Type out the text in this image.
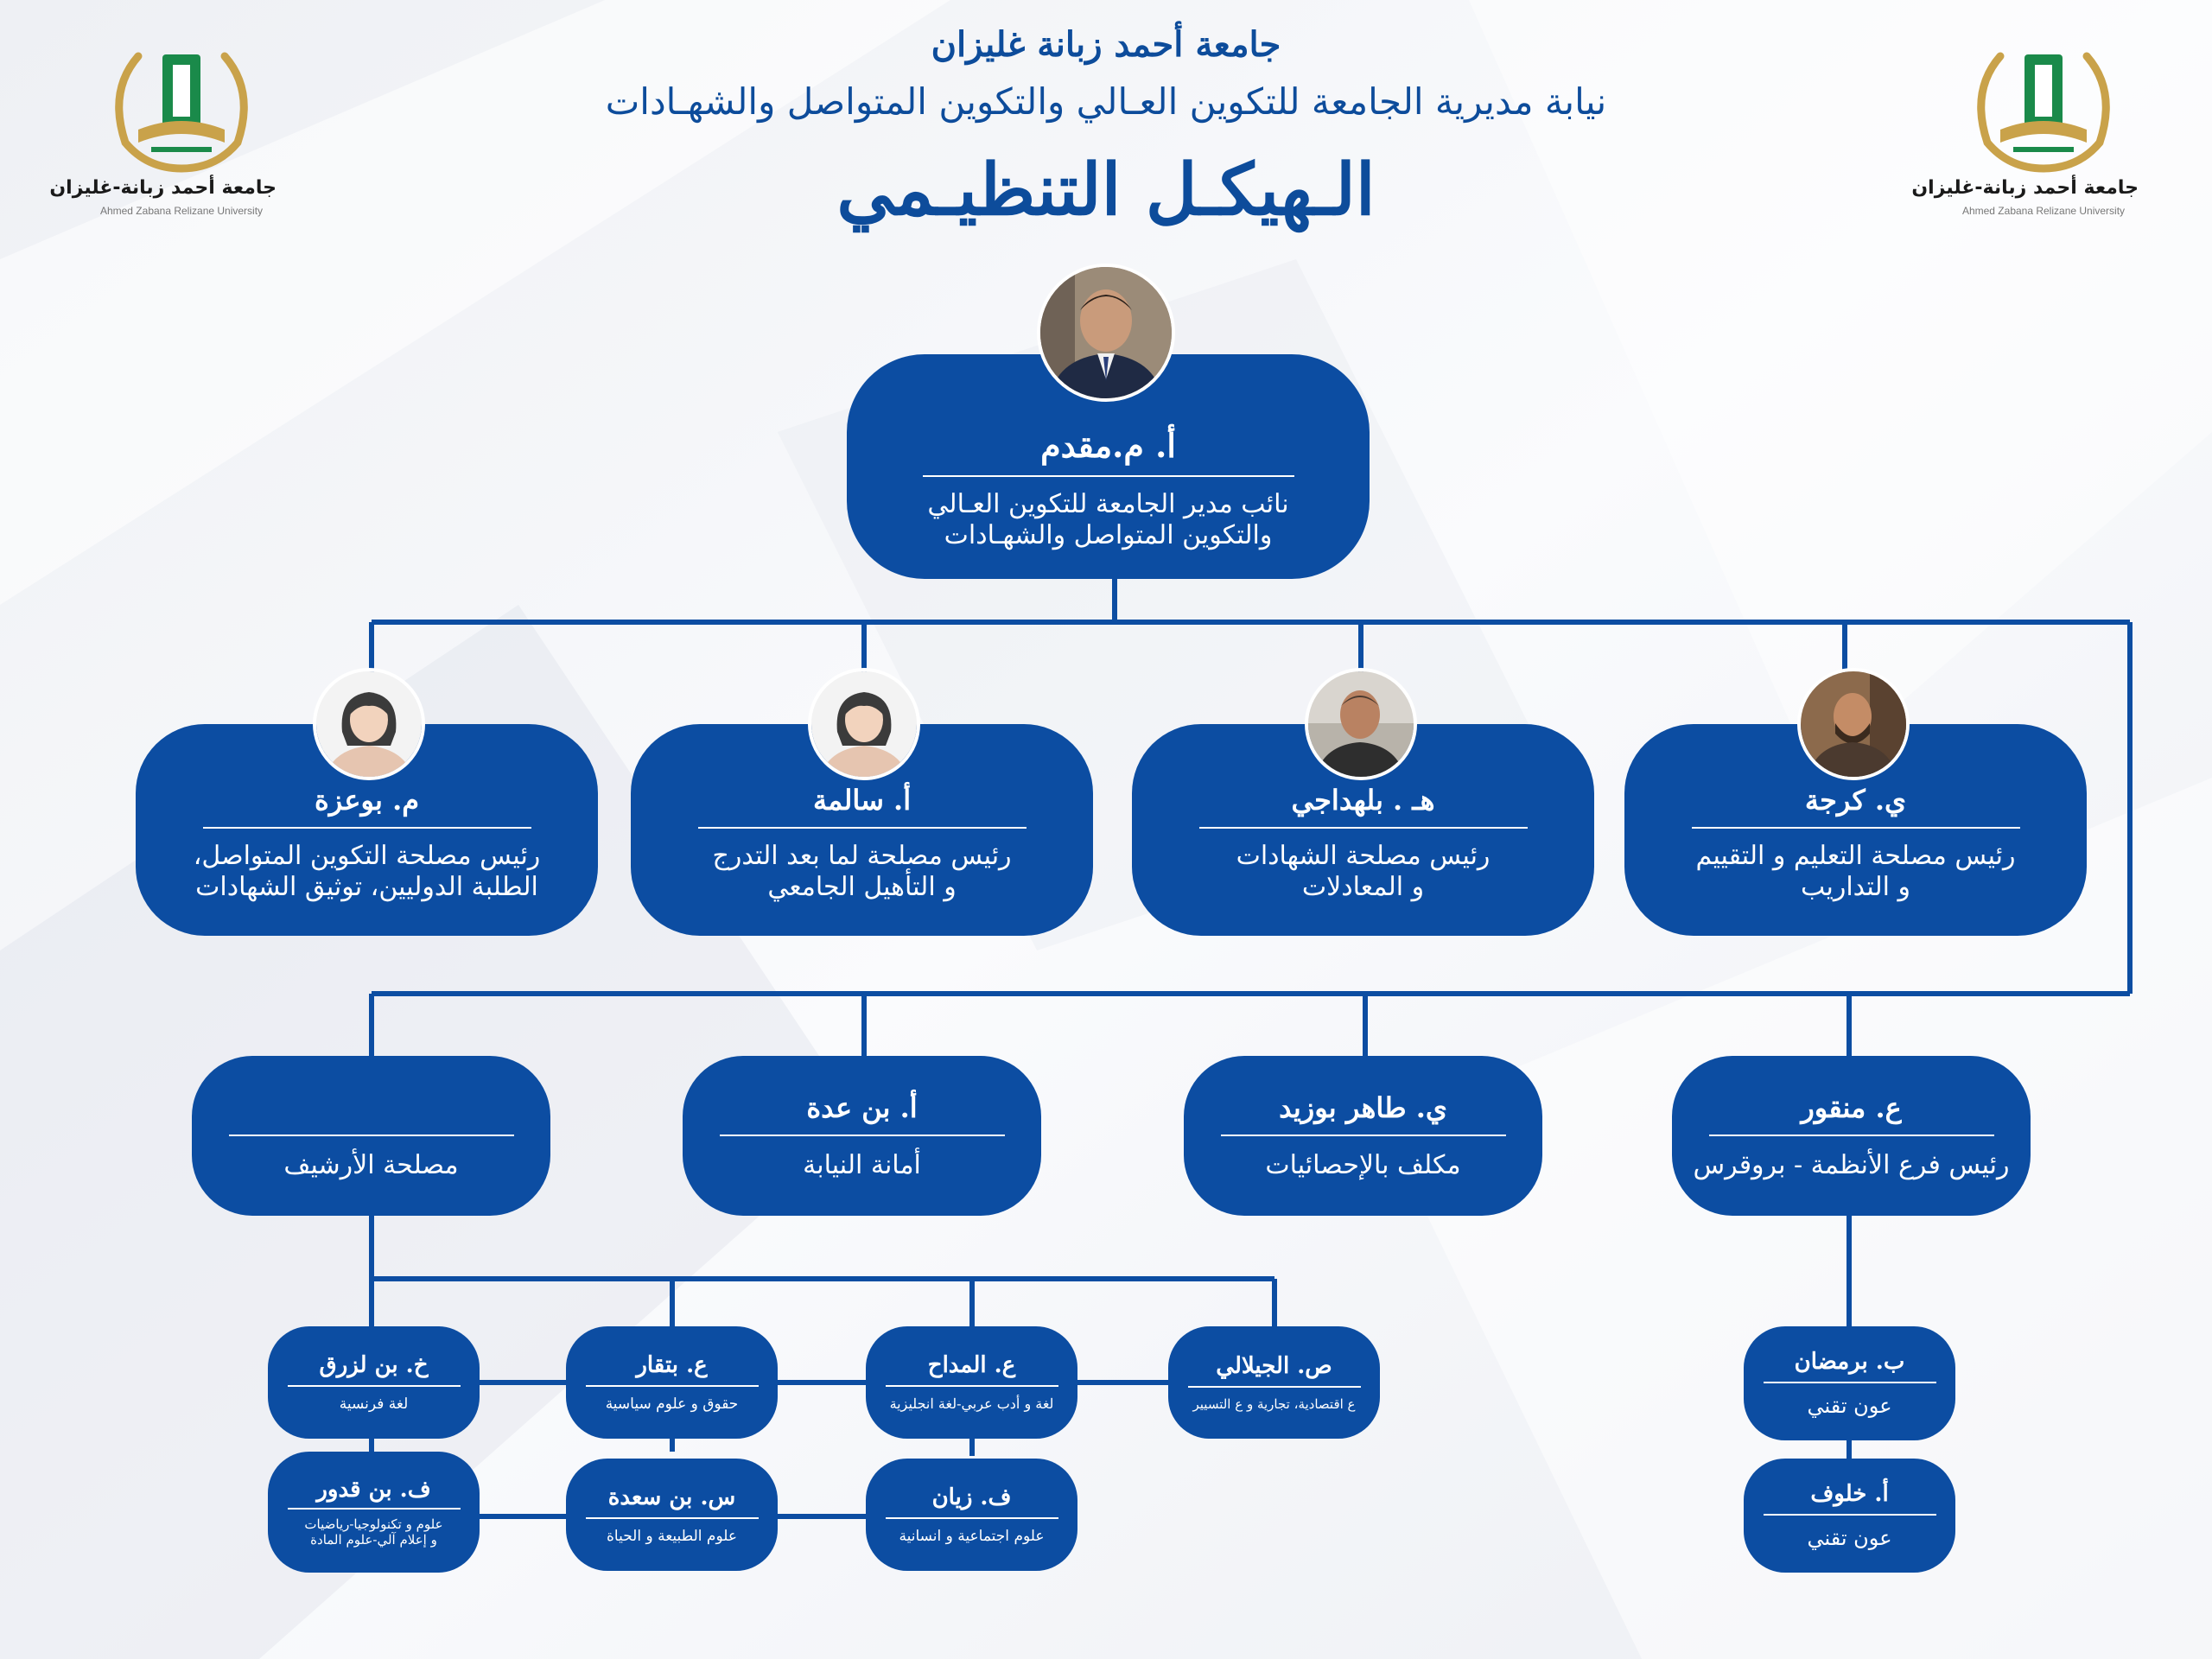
جامعة أحمد زبانة غليزان
نيابة مديرية الجامعة للتكوين العـالي والتكوين المتواصل والشهـادات
الـهيكـل التنظيـمي
جامعة أحمد زبانة-غليزان
Ahmed Zabana Relizane University
جامعة أحمد زبانة-غليزان
Ahmed Zabana Relizane University
أ. م.مقدم
نائب مدير الجامعة للتكوين العـالي
والتكوين المتواصل والشهـادات
ي. كرجة
رئيس مصلحة التعليم و التقييم
و التداريب
هـ . بلهداجي
رئيس مصلحة الشهادات
و المعادلات
أ. سالمة
رئيس مصلحة لما بعد التدرج
و التأهيل الجامعي
م. بوعزة
رئيس مصلحة التكوين المتواصل،
الطلبة الدوليين، توثيق الشهادات
ع. منقور
رئيس فرع الأنظمة - بروقرس
ي. طاهر بوزيد
مكلف بالإحصائيات
أ. بن عدة
أمانة النيابة
مصلحة الأرشيف
ص. الجيلالي
ع اقتصادية، تجارية و ع التسيير
ع. المداح
لغة و أدب عربي-لغة انجليزية
ع. بتقار
حقوق و علوم سياسية
خ. بن لزرق
لغة فرنسية
ف. زيان
علوم اجتماعية و انسانية
س. بن سعدة
علوم الطبيعة و الحياة
ف. بن قدور
علوم و تكنولوجيا-رياضيات
و إعلام آلي-علوم المادة
ب. برمضان
عون تقني
أ. خلوف
عون تقني
